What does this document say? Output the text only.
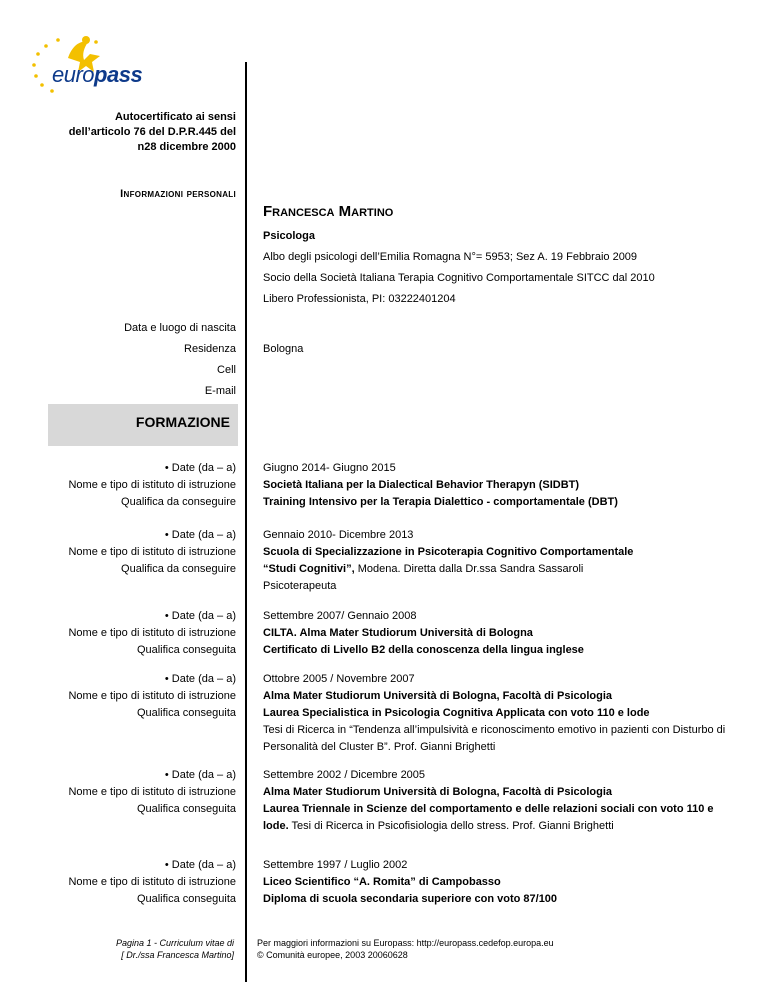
europass
Autocertificato ai sensi
dell’articolo 76 del D.P.R.445 del
n28 dicembre 2000
Informazioni personali
Francesca Martino
Psicologa
Albo degli psicologi dell’Emilia Romagna N°= 5953; Sez A. 19 Febbraio 2009
Socio della Società Italiana Terapia Cognitivo Comportamentale SITCC dal 2010
Libero Professionista, PI: 03222401204
Data e luogo di nascita
Residenza
Cell
E-mail
Bologna
FORMAZIONE
• Date (da – a)
Nome e tipo di istituto di istruzione
Qualifica da conseguire
Giugno 2014- Giugno 2015
Società Italiana per la Dialectical Behavior Therapyn (SIDBT)
Training Intensivo per la Terapia Dialettico - comportamentale (DBT)
• Date (da – a)
Nome e tipo di istituto di istruzione
Qualifica da conseguire
Gennaio 2010- Dicembre 2013
Scuola di Specializzazione in Psicoterapia Cognitivo Comportamentale
“Studi Cognitivi”, Modena. Diretta dalla Dr.ssa Sandra Sassaroli
Psicoterapeuta
• Date (da – a)
Nome e tipo di istituto di istruzione
Qualifica conseguita
Settembre 2007/ Gennaio 2008
CILTA. Alma Mater Studiorum Università di Bologna
Certificato di Livello B2 della conoscenza della lingua inglese
• Date (da – a)
Nome e tipo di istituto di istruzione
Qualifica conseguita
Ottobre 2005 / Novembre 2007
Alma Mater Studiorum Università di Bologna, Facoltà di Psicologia
Laurea Specialistica in Psicologia Cognitiva Applicata con voto 110 e lode
Tesi di Ricerca in “Tendenza all’impulsività e riconoscimento emotivo in pazienti con Disturbo di
Personalità del Cluster B”. Prof. Gianni Brighetti
• Date (da – a)
Nome e tipo di istituto di istruzione
Qualifica conseguita
Settembre 2002 / Dicembre 2005
Alma Mater Studiorum Università di Bologna, Facoltà di Psicologia
Laurea Triennale in Scienze del comportamento e delle relazioni sociali con voto 110 e
lode. Tesi di Ricerca in Psicofisiologia dello stress. Prof. Gianni Brighetti
• Date (da – a)
Nome e tipo di istituto di istruzione
Qualifica conseguita
Settembre 1997 / Luglio 2002
Liceo Scientifico “A. Romita” di Campobasso
Diploma di scuola secondaria superiore con voto 87/100
Pagina 1 - Curriculum vitae di
[ Dr./ssa Francesca Martino]
Per maggiori informazioni su Europass: http://europass.cedefop.europa.eu
© Comunità europee, 2003 20060628
